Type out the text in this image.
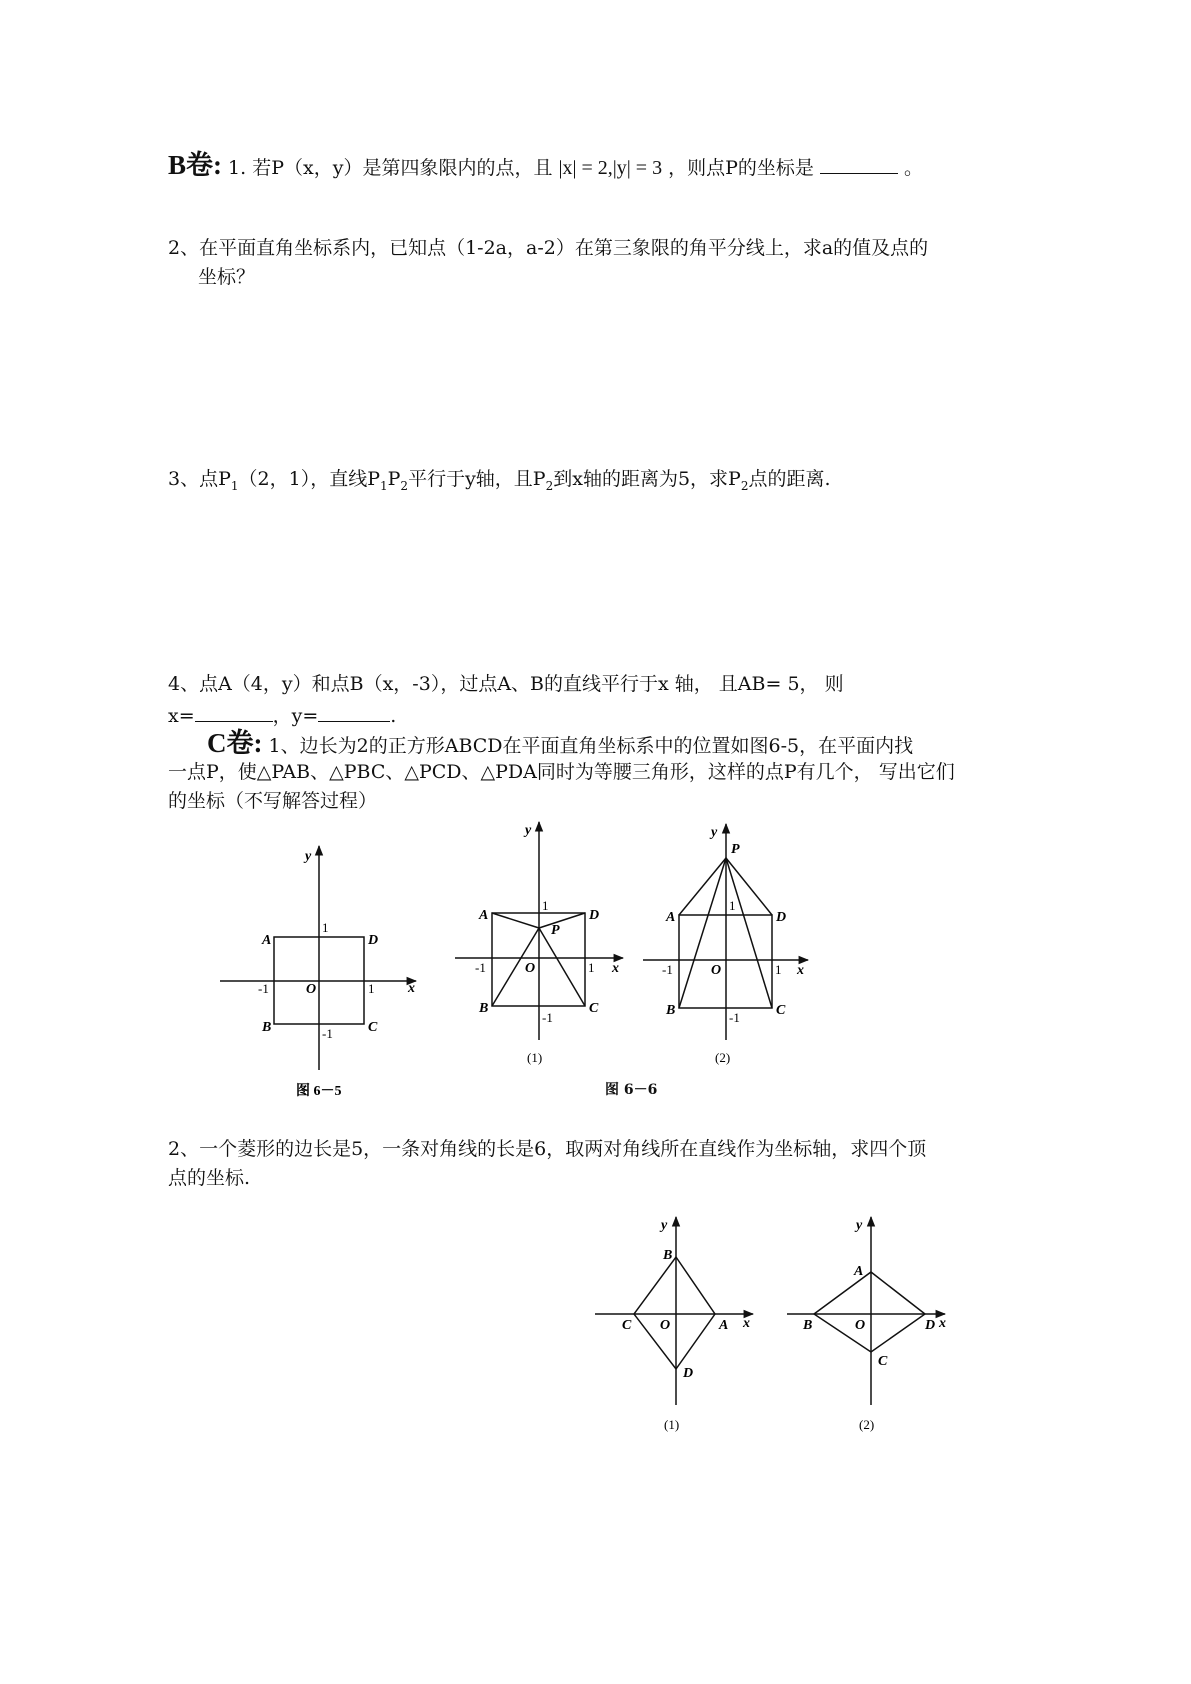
B卷: 1. 若P（x，y）是第四象限内的点，且 |x| = 2,|y| = 3 ，则点P的坐标是	。
2、在平面直角坐标系内，已知点（1-2a，a-2）在第三象限的角平分线上，求a的值及点的
坐标？
3、点$P_1(2$，1），直线$P_1P_2$平行于y轴，且$P_2$到x轴的距离为5，求$P_2$点的距离.
4、点A（4，y）和点B（x，-3），过点A、B的直线平行于x 轴， 且AB= 5， 则
x=	，y=	.
C卷: 1、边长为2的正方形ABCD在平面直角坐标系中的位置如图6-5，在平面内找
一点P，使△PAB、△PBC、△PCD、△PDA同时为等腰三角形，这样的点P有几个， 写出它们
的坐标（不写解答过程）
y
x
A	D
B	C
O
1
-1	1
-1
图 6－5
y
x
A	D
B	C
P
O
1
-1	1
-1
(1)
y
x
A	D
B	C
P
O
1
-1	1
-1
(2)
图 6－6
2、一个菱形的边长是5，一条对角线的长是6，取两对角线所在直线作为坐标轴，求四个顶
点的坐标.
y
x
B
A
C
D
O
(1)
y
x
A
D
B
C
O
(2)
